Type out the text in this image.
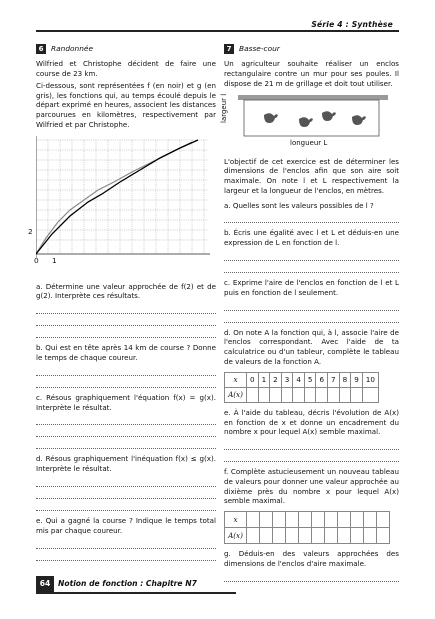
Série 4 : Synthèse
6	Randonnée

Wilfried et Christophe décident de faire une course de 23 km.

Ci-dessous, sont représentées f (en noir) et g (en gris), les fonctions qui, au temps écoulé depuis le départ exprimé en heures, associent les distances parcourues en kilomètres, respectivement par Wilfried et par Christophe.

2
0 1

a. Détermine une valeur approchée de f(2) et de g(2). Interprète ces résultats.

b. Qui est en tête après 14 km de course ? Donne le temps de chaque coureur.

c. Résous graphiquement l'équation f(x) = g(x). Interprète le résultat.

d. Résous graphiquement l'inéquation f(x) ≤ g(x). Interprète le résultat.

e. Qui a gagné la course ? Indique le temps total mis par chaque coureur.

7	Basse-cour

Un agriculteur souhaite réaliser un enclos rectangulaire contre un mur pour ses poules. Il dispose de 21 m de grillage et doit tout utiliser.

largeur l
longueur L

L'objectif de cet exercice est de déterminer les dimensions de l'enclos afin que son aire soit maximale. On note l et L respectivement la largeur et la longueur de l'enclos, en mètres.

a. Quelles sont les valeurs possibles de l ?

b. Écris une égalité avec l et L et déduis-en une expression de L en fonction de l.

c. Exprime l'aire de l'enclos en fonction de l et L puis en fonction de l seulement.

d. On note A la fonction qui, à l, associe l'aire de l'enclos correspondant. Avec l'aide de ta calculatrice ou d'un tableur, complète le tableau de valeurs de la fonction A.

x	0	1	2	3	4	5	6	7	8	9	10
A(x)											

e. À l'aide du tableau, décris l'évolution de A(x) en fonction de x et donne un encadrement du nombre x pour lequel A(x) semble maximal.

f. Complète astucieusement un nouveau tableau de valeurs pour donner une valeur approchée au dixième près du nombre x pour lequel A(x) semble maximal.

x											
A(x)											

g. Déduis-en des valeurs approchées des dimensions de l'enclos d'aire maximale.

64	Notion de fonction : Chapitre N7
